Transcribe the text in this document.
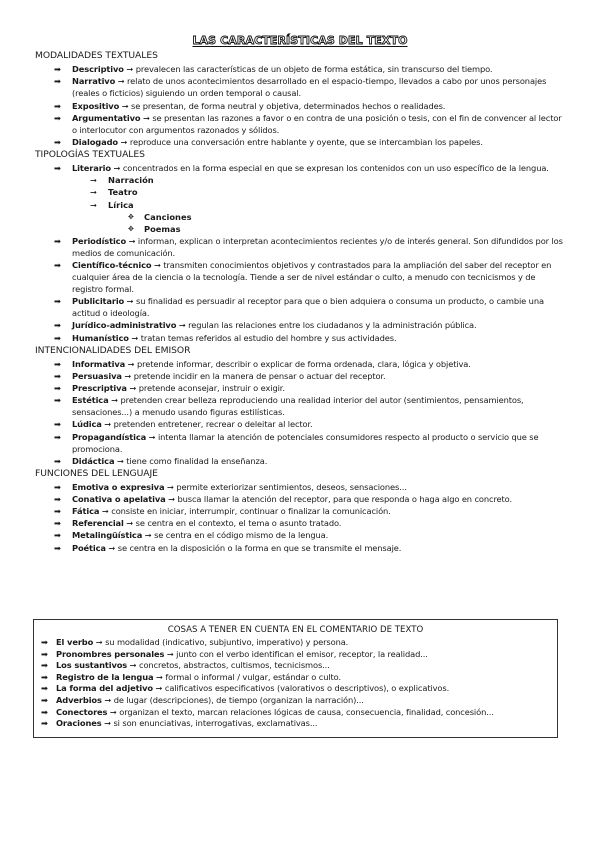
LAS CARACTERÍSTICAS DEL TEXTO
MODALIDADES TEXTUALES
➡ Descriptivo ➞ prevalecen las características de un objeto de forma estática, sin transcurso del tiempo.
➡ Narrativo ➞ relato de unos acontecimientos desarrollado en el espacio-tiempo, llevados a cabo por unos personajes (reales o ficticios) siguiendo un orden temporal o causal.
➡ Expositivo ➞ se presentan, de forma neutral y objetiva, determinados hechos o realidades.
➡ Argumentativo ➞ se presentan las razones a favor o en contra de una posición o tesis, con el fin de convencer al lector o interlocutor con argumentos razonados y sólidos.
➡ Dialogado ➞ reproduce una conversación entre hablante y oyente, que se intercambian los papeles.
TIPOLOGÍAS TEXTUALES
➡ Literario ➞ concentrados en la forma especial en que se expresan los contenidos con un uso específico de la lengua.
➞ Narración
➞ Teatro
➞ Lírica
✥ Canciones
✥ Poemas
➡ Periodístico ➞ informan, explican o interpretan acontecimientos recientes y/o de interés general. Son difundidos por los medios de comunicación.
➡ Científico-técnico ➞ transmiten conocimientos objetivos y contrastados para la ampliación del saber del receptor en cualquier área de la ciencia o la tecnología. Tiende a ser de nivel estándar o culto, a menudo con tecnicismos y de registro formal.
➡ Publicitario ➞ su finalidad es persuadir al receptor para que o bien adquiera o consuma un producto, o cambie una actitud o ideología.
➡ Jurídico-administrativo ➞ regulan las relaciones entre los ciudadanos y la administración pública.
➡ Humanístico ➞ tratan temas referidos al estudio del hombre y sus actividades.
INTENCIONALIDADES DEL EMISOR
➡ Informativa ➞ pretende informar, describir o explicar de forma ordenada, clara, lógica y objetiva.
➡ Persuasiva ➞ pretende incidir en la manera de pensar o actuar del receptor.
➡ Prescriptiva ➞ pretende aconsejar, instruir o exigir.
➡ Estética ➞ pretenden crear belleza reproduciendo una realidad interior del autor (sentimientos, pensamientos, sensaciones...) a menudo usando figuras estilísticas.
➡ Lúdica ➞ pretenden entretener, recrear o deleitar al lector.
➡ Propagandística ➞ intenta llamar la atención de potenciales consumidores respecto al producto o servicio que se promociona.
➡ Didáctica ➞ tiene como finalidad la enseñanza.
FUNCIONES DEL LENGUAJE
➡ Emotiva o expresiva ➞ permite exteriorizar sentimientos, deseos, sensaciones...
➡ Conativa o apelativa ➞ busca llamar la atención del receptor, para que responda o haga algo en concreto.
➡ Fática ➞ consiste en iniciar, interrumpir, continuar o finalizar la comunicación.
➡ Referencial ➞ se centra en el contexto, el tema o asunto tratado.
➡ Metalingüística ➞ se centra en el código mismo de la lengua.
➡ Poética ➞ se centra en la disposición o la forma en que se transmite el mensaje.
COSAS A TENER EN CUENTA EN EL COMENTARIO DE TEXTO
➡ El verbo ➞ su modalidad (indicativo, subjuntivo, imperativo) y persona.
➡ Pronombres personales ➞ junto con el verbo identifican el emisor, receptor, la realidad...
➡ Los sustantivos ➞ concretos, abstractos, cultismos, tecnicismos...
➡ Registro de la lengua ➞ formal o informal / vulgar, estándar o culto.
➡ La forma del adjetivo ➞ calificativos especificativos (valorativos o descriptivos), o explicativos.
➡ Adverbios ➞ de lugar (descripciones), de tiempo (organizan la narración)...
➡ Conectores ➞ organizan el texto, marcan relaciones lógicas de causa, consecuencia, finalidad, concesión...
➡ Oraciones ➞ si son enunciativas, interrogativas, exclamativas...
